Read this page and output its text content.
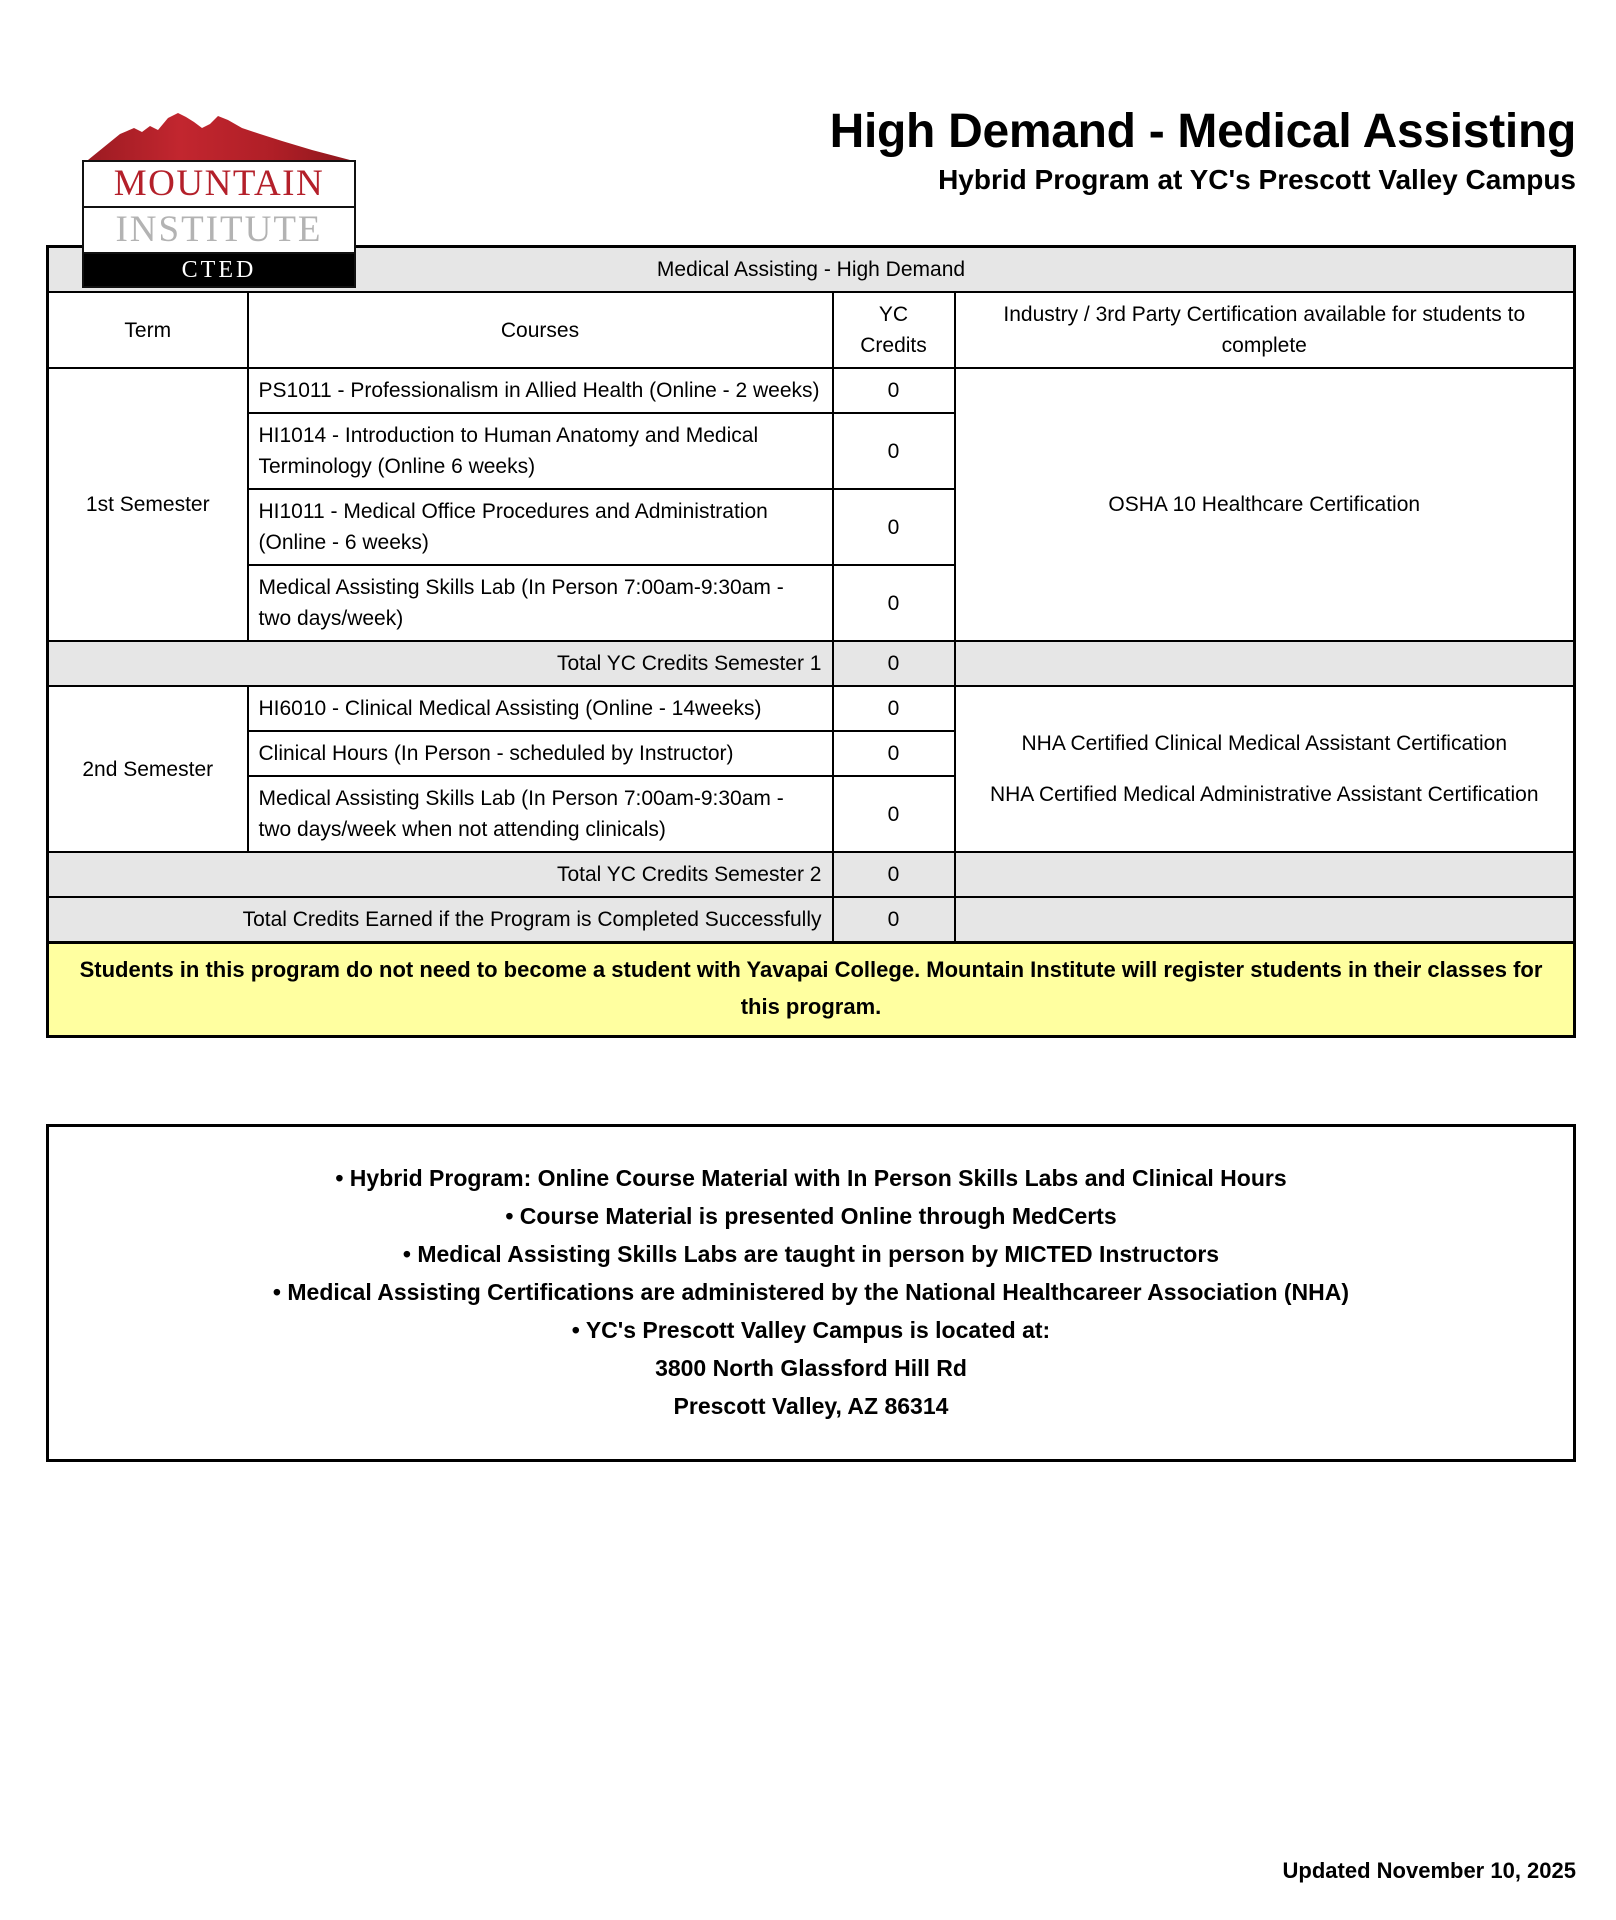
MOUNTAIN
INSTITUTE
CTED
High Demand - Medical Assisting
Hybrid Program at YC's Prescott Valley Campus
Medical Assisting - High Demand			
Term	Courses	YC Credits	Industry / 3rd Party Certification available for students to complete
1st Semester	PS1011 - Professionalism in Allied Health (Online - 2 weeks)	0	OSHA 10 Healthcare Certification
	HI1014 - Introduction to Human Anatomy and Medical Terminology (Online 6 weeks)	0	
	HI1011 - Medical Office Procedures and Administration (Online - 6 weeks)	0	
	Medical Assisting Skills Lab (In Person 7:00am-9:30am - two days/week)	0	
Total YC Credits Semester 1		0	
2nd Semester	HI6010 - Clinical Medical Assisting (Online - 14weeks)	0	NHA Certified Clinical Medical Assistant Certification
NHA Certified Medical Administrative Assistant Certification

	Clinical Hours (In Person - scheduled by Instructor)	0	
	Medical Assisting Skills Lab (In Person 7:00am-9:30am - two days/week when not attending clinicals)	0	
Total YC Credits Semester 2		0	
Total Credits Earned if the Program is Completed Successfully		0	
Students in this program do not need to become a student with Yavapai College. Mountain Institute will register students in their classes for this program.

• Hybrid Program: Online Course Material with In Person Skills Labs and Clinical Hours

• Course Material is presented Online through MedCerts

• Medical Assisting Skills Labs are taught in person by MICTED Instructors

• Medical Assisting Certifications are administered by the National Healthcareer Association (NHA)

• YC's Prescott Valley Campus is located at:

3800 North Glassford Hill Rd

Prescott Valley, AZ 86314

Updated November 10, 2025
